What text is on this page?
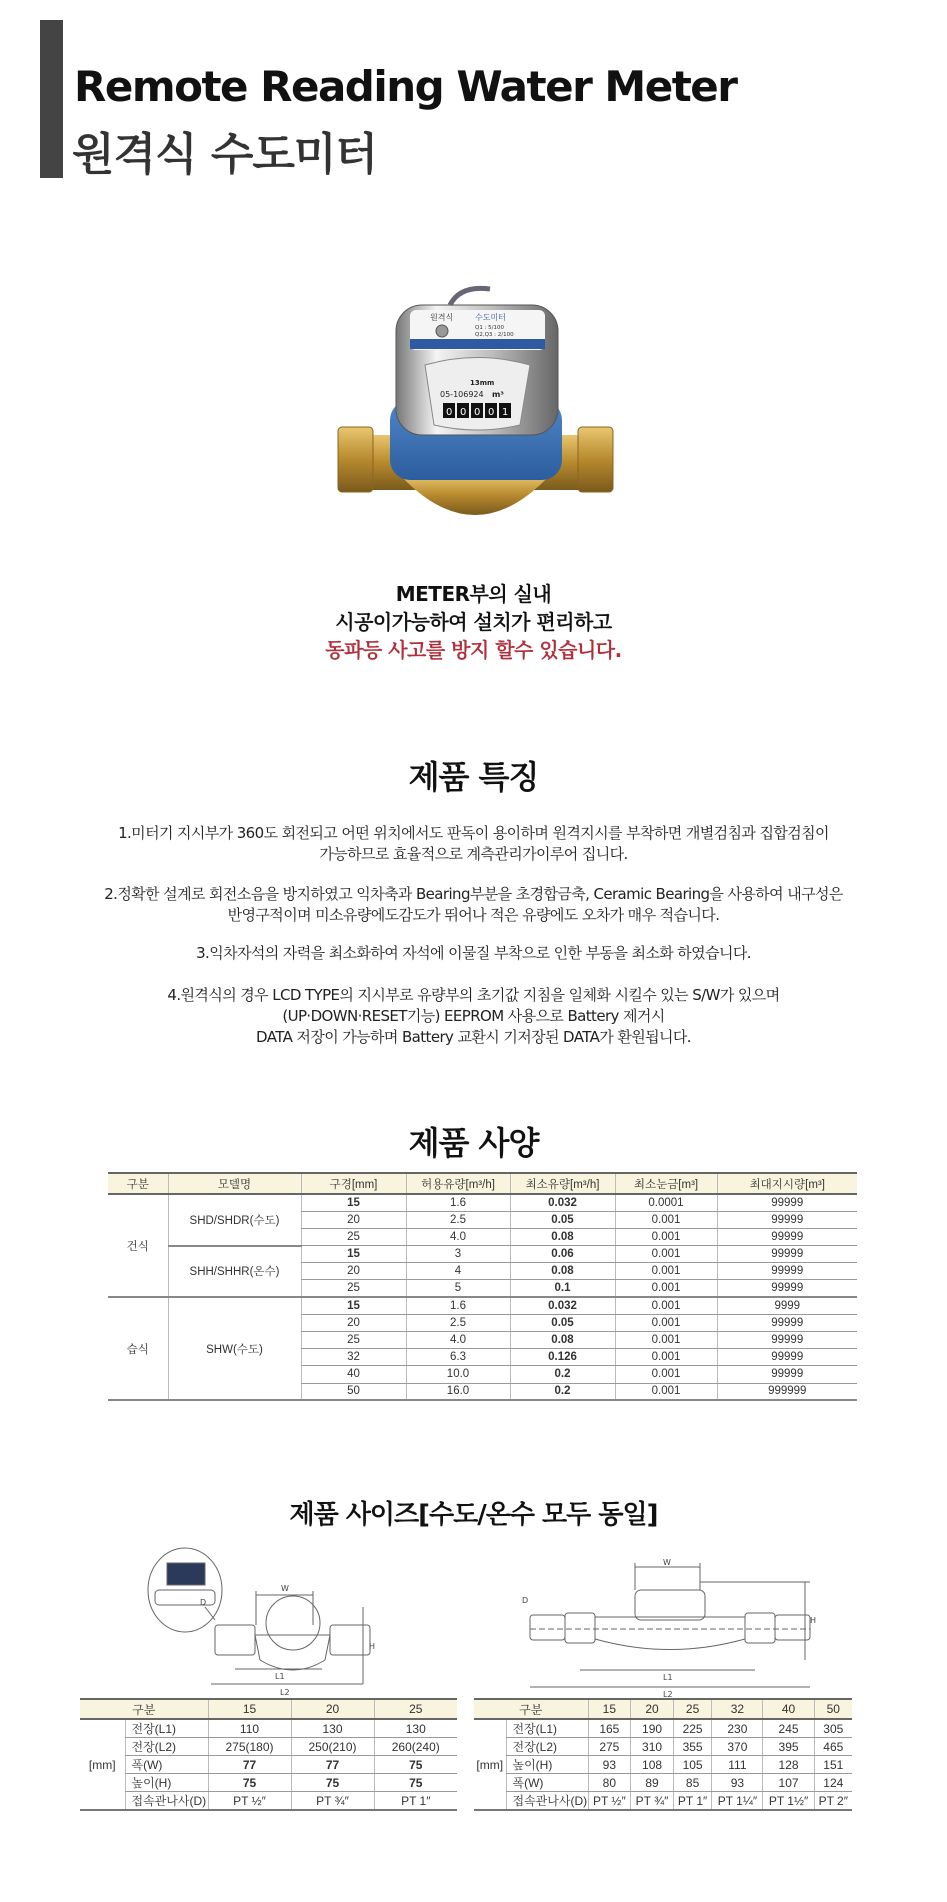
Remote Reading Water Meter
원격식 수도미터
원격식	수도미터
Q1 : 5/100
Q2,Q3 : 2/100
13mm
05-106924 m³
0 0 0 0 1
METER부의 실내
시공이가능하여 설치가 편리하고
동파등 사고를 방지 할수 있습니다.
제품 특징
1.미터기 지시부가 360도 회전되고 어떤 위치에서도 판독이 용이하며 원격지시를 부착하면 개별검침과 집합검침이
가능하므로 효율적으로 계측관리가이루어 집니다.
2.정확한 설계로 회전소음을 방지하였고 익차축과 Bearing부분을 초경합금축, Ceramic Bearing을 사용하여 내구성은
반영구적이며 미소유량에도감도가 뛰어나 적은 유량에도 오차가 매우 적습니다.
3.익차자석의 자력을 최소화하여 자석에 이물질 부착으로 인한 부동을 최소화 하였습니다.
4.원격식의 경우 LCD TYPE의 지시부로 유량부의 초기값 지침을 일체화 시킬수 있는 S/W가 있으며
(UP·DOWN·RESET기능) EEPROM 사용으로 Battery 제거시
DATA 저장이 가능하며 Battery 교환시 기저장된 DATA가 환원됩니다.
제품 사양
구분	모델명	구경[mm]	허용유량[m³/h]	최소유량[m³/h]	최소눈금[m³]	최대지시량[m³]
건식	SHD/SHDR(수도)	15	1.6	0.032	0.0001	99999
		20	2.5	0.05	0.001	99999
		25	4.0	0.08	0.001	99999
	SHH/SHHR(온수)	15	3	0.06	0.001	99999
		20	4	0.08	0.001	99999
		25	5	0.1	0.001	99999
습식	SHW(수도)	15	1.6	0.032	0.001	9999
		20	2.5	0.05	0.001	99999
		25	4.0	0.08	0.001	99999
		32	6.3	0.126	0.001	99999
		40	10.0	0.2	0.001	99999
		50	16.0	0.2	0.001	999999
제품 사이즈[수도/온수 모두 동일]
W
H
D
L1
L2
W
H
D
L1
L2
구분		15	20	25
[mm]	전장(L1)	110	130	130
	전장(L2)	275(180)	250(210)	260(240)
	폭(W)	77	77	75
	높이(H)	75	75	75
	접속관나사(D)	PT ½″	PT ¾″	PT 1″
구분		15	20	25	32	40	50
[mm]	전장(L1)	165	190	225	230	245	305
	전장(L2)	275	310	355	370	395	465
	높이(H)	93	108	105	111	128	151
	폭(W)	80	89	85	93	107	124
	접속관나사(D)	PT ½″	PT ¾″	PT 1″	PT 1¼″	PT 1½″	PT 2″
